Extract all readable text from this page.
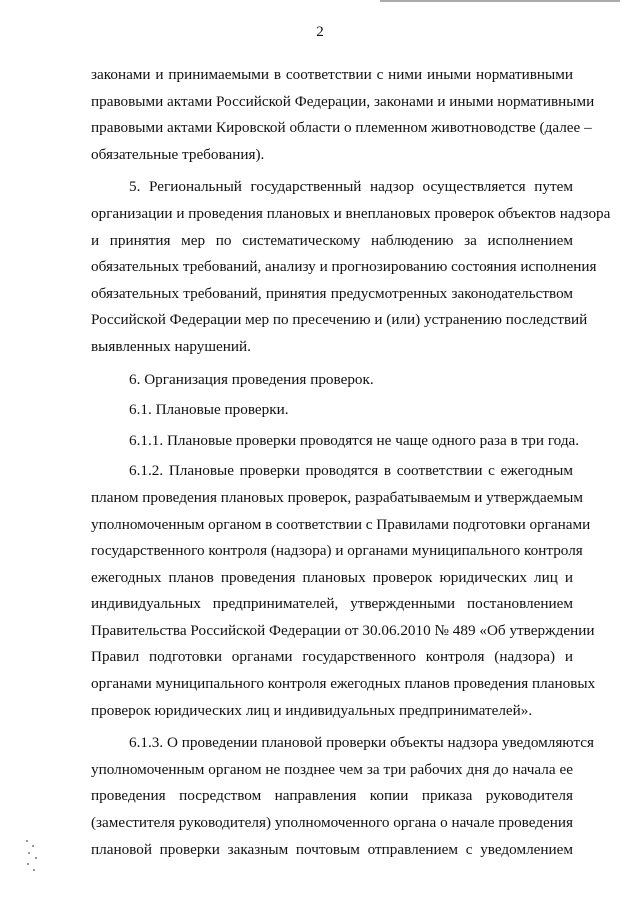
2
законами и принимаемыми в соответствии с ними иными нормативными
правовыми актами Российской Федерации, законами и иными нормативными
правовыми актами Кировской области о племенном животноводстве (далее –
обязательные требования).
5. Региональный государственный надзор осуществляется путем
организации и проведения плановых и внеплановых проверок объектов надзора
и принятия мер по систематическому наблюдению за исполнением
обязательных требований, анализу и прогнозированию состояния исполнения
обязательных требований, принятия предусмотренных законодательством
Российской Федерации мер по пресечению и (или) устранению последствий
выявленных нарушений.
6. Организация проведения проверок.
6.1. Плановые проверки.
6.1.1. Плановые проверки проводятся не чаще одного раза в три года.
6.1.2. Плановые проверки проводятся в соответствии с ежегодным
планом проведения плановых проверок, разрабатываемым и утверждаемым
уполномоченным органом в соответствии с Правилами подготовки органами
государственного контроля (надзора) и органами муниципального контроля
ежегодных планов проведения плановых проверок юридических лиц и
индивидуальных предпринимателей, утвержденными постановлением
Правительства Российской Федерации от 30.06.2010 № 489 «Об утверждении
Правил подготовки органами государственного контроля (надзора) и
органами муниципального контроля ежегодных планов проведения плановых
проверок юридических лиц и индивидуальных предпринимателей».
6.1.3. О проведении плановой проверки объекты надзора уведомляются
уполномоченным органом не позднее чем за три рабочих дня до начала ее
проведения посредством направления копии приказа руководителя
(заместителя руководителя) уполномоченного органа о начале проведения
плановой проверки заказным почтовым отправлением с уведомлением
